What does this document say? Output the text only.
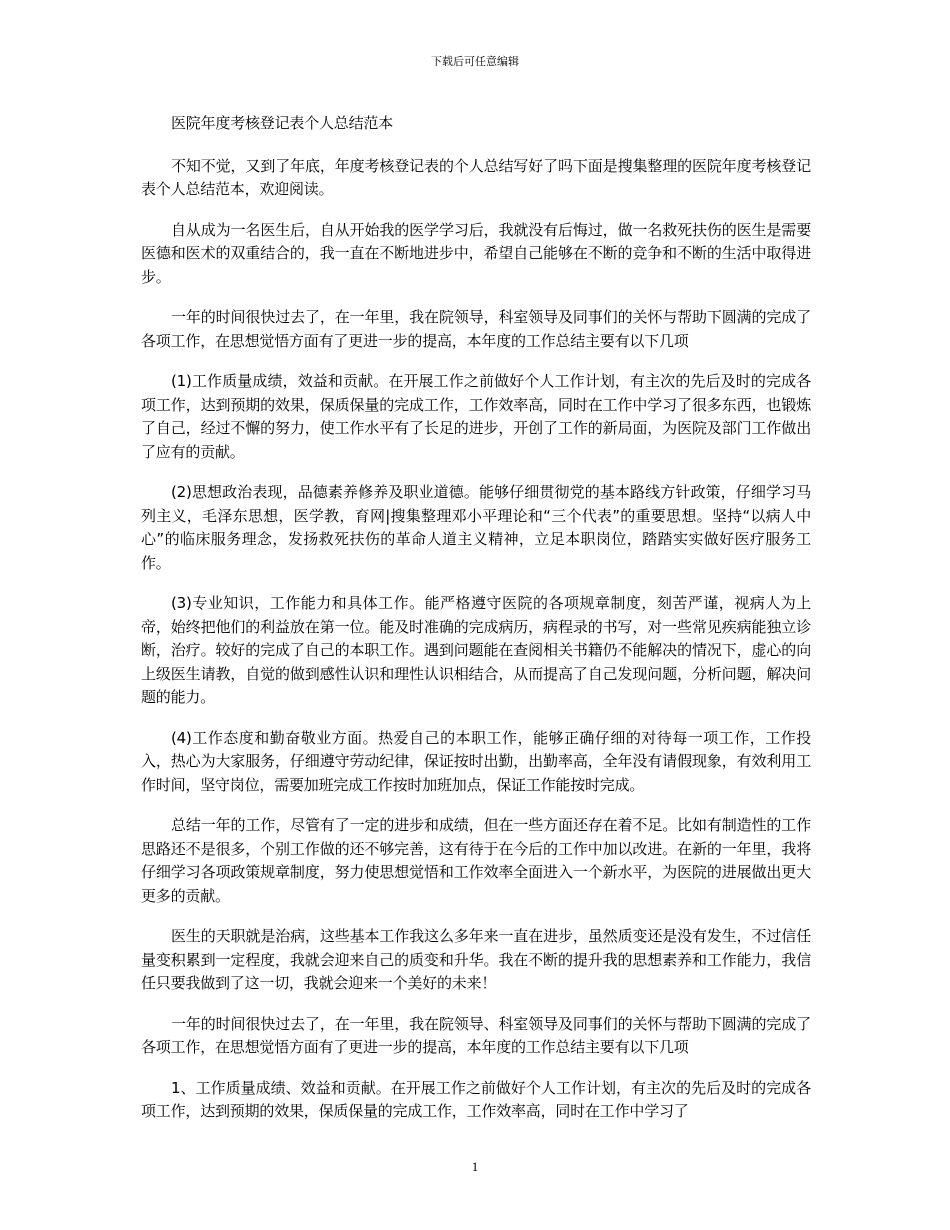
下载后可任意编辑

医院年度考核登记表个人总结范本

不知不觉，又到了年底，年度考核登记表的个人总结写好了吗下面是搜集整理的医院年度考核登记表个人总结范本，欢迎阅读。

自从成为一名医生后，自从开始我的医学学习后，我就没有后悔过，做一名救死扶伤的医生是需要医德和医术的双重结合的，我一直在不断地进步中，希望自己能够在不断的竞争和不断的生活中取得进步。

一年的时间很快过去了，在一年里，我在院领导，科室领导及同事们的关怀与帮助下圆满的完成了各项工作，在思想觉悟方面有了更进一步的提高，本年度的工作总结主要有以下几项

(1)工作质量成绩，效益和贡献。在开展工作之前做好个人工作计划，有主次的先后及时的完成各项工作，达到预期的效果，保质保量的完成工作，工作效率高，同时在工作中学习了很多东西，也锻炼了自己，经过不懈的努力，使工作水平有了长足的进步，开创了工作的新局面，为医院及部门工作做出了应有的贡献。

(2)思想政治表现，品德素养修养及职业道德。能够仔细贯彻党的基本路线方针政策，仔细学习马列主义，毛泽东思想，医学教，育网|搜集整理邓小平理论和“三个代表”的重要思想。坚持“以病人中心”的临床服务理念，发扬救死扶伤的革命人道主义精神，立足本职岗位，踏踏实实做好医疗服务工作。

(3)专业知识，工作能力和具体工作。能严格遵守医院的各项规章制度，刻苦严谨，视病人为上帝，始终把他们的利益放在第一位。能及时准确的完成病历，病程录的书写，对一些常见疾病能独立诊断，治疗。较好的完成了自己的本职工作。遇到问题能在查阅相关书籍仍不能解决的情况下，虚心的向上级医生请教，自觉的做到感性认识和理性认识相结合，从而提高了自己发现问题，分析问题，解决问题的能力。

(4)工作态度和勤奋敬业方面。热爱自己的本职工作，能够正确仔细的对待每一项工作，工作投入，热心为大家服务，仔细遵守劳动纪律，保证按时出勤，出勤率高，全年没有请假现象，有效利用工作时间，坚守岗位，需要加班完成工作按时加班加点，保证工作能按时完成。

总结一年的工作，尽管有了一定的进步和成绩，但在一些方面还存在着不足。比如有制造性的工作思路还不是很多，个别工作做的还不够完善，这有待于在今后的工作中加以改进。在新的一年里，我将仔细学习各项政策规章制度，努力使思想觉悟和工作效率全面进入一个新水平，为医院的进展做出更大更多的贡献。

医生的天职就是治病，这些基本工作我这么多年来一直在进步，虽然质变还是没有发生，不过信任量变积累到一定程度，我就会迎来自己的质变和升华。我在不断的提升我的思想素养和工作能力，我信任只要我做到了这一切，我就会迎来一个美好的未来！

一年的时间很快过去了，在一年里，我在院领导、科室领导及同事们的关怀与帮助下圆满的完成了各项工作，在思想觉悟方面有了更进一步的提高，本年度的工作总结主要有以下几项

1、工作质量成绩、效益和贡献。在开展工作之前做好个人工作计划，有主次的先后及时的完成各项工作，达到预期的效果，保质保量的完成工作，工作效率高，同时在工作中学习了

1
